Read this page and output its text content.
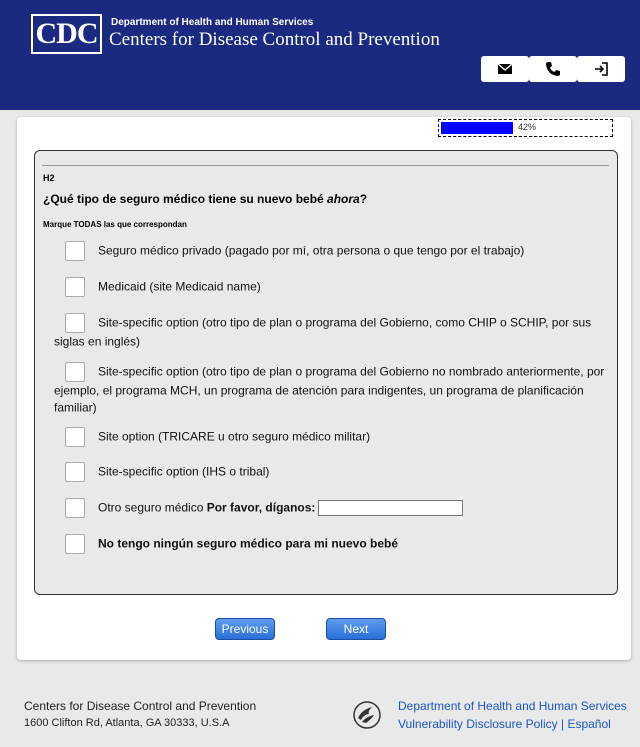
CDC	Department of Health and Human Services
Centers for Disease Control and Prevention
42%
H2
¿Qué tipo de seguro médico tiene su nuevo bebé ahora?
Marque TODAS las que correspondan
Seguro médico privado (pagado por mí, otra persona o que tengo por el trabajo)
Medicaid (site Medicaid name)
Site-specific option (otro tipo de plan o programa del Gobierno, como CHIP o SCHIP, por sus siglas en inglés)
Site-specific option (otro tipo de plan o programa del Gobierno no nombrado anteriormente, por ejemplo, el programa MCH, un programa de atención para indigentes, un programa de planificación familiar)
Site option (TRICARE u otro seguro médico militar)
Site-specific option (IHS o tribal)
Otro seguro médico Por favor, díganos:
No tengo ningún seguro médico para mi nuevo bebé
Previous	Next
Centers for Disease Control and Prevention
1600 Clifton Rd, Atlanta, GA 30333, U.S.A
Department of Health and Human Services
Vulnerability Disclosure Policy | Español
